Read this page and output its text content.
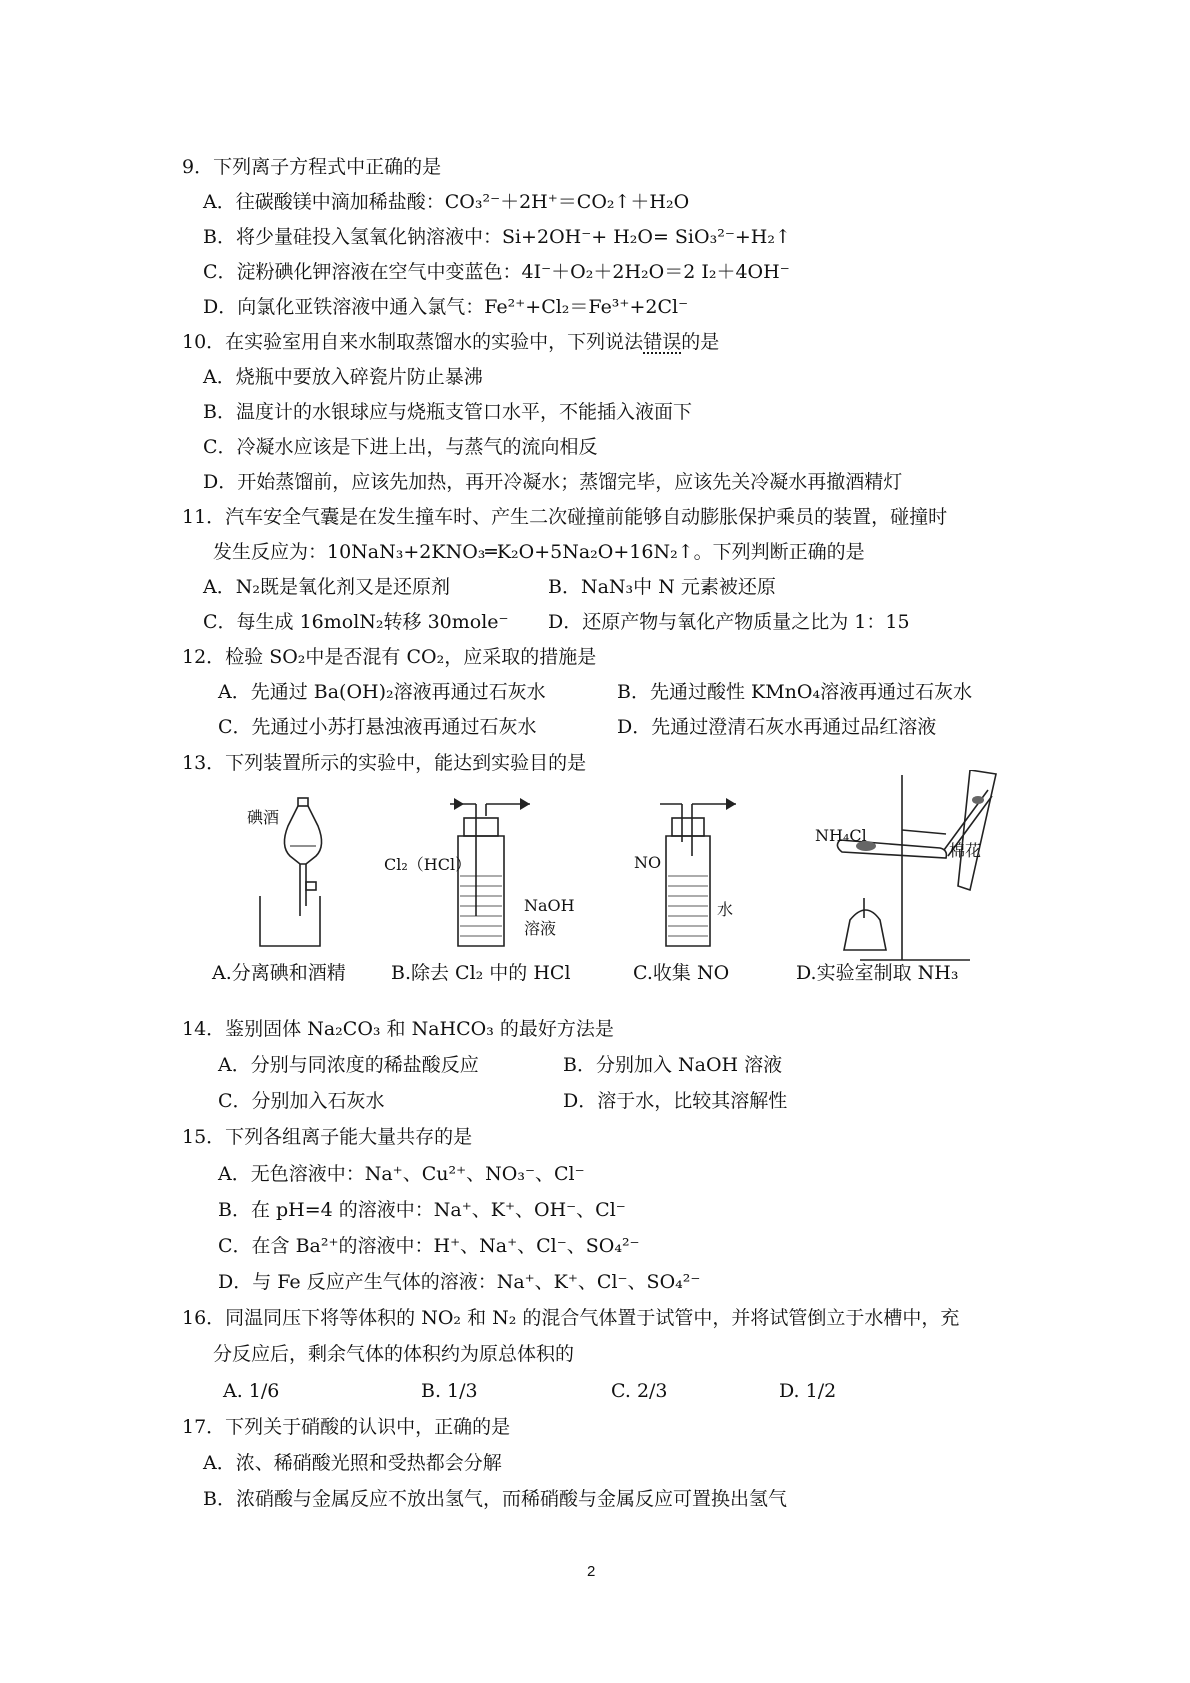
9．下列离子方程式中正确的是
A．往碳酸镁中滴加稀盐酸：CO₃²⁻＋2H⁺＝CO₂↑＋H₂O
B．将少量硅投入氢氧化钠溶液中：Si+2OH⁻+ H₂O= SiO₃²⁻+H₂↑
C．淀粉碘化钾溶液在空气中变蓝色：4I⁻＋O₂＋2H₂O＝2 I₂＋4OH⁻
D．向氯化亚铁溶液中通入氯气：Fe²⁺+Cl₂＝Fe³⁺+2Cl⁻
10．在实验室用自来水制取蒸馏水的实验中，下列说法错误的是
A．烧瓶中要放入碎瓷片防止暴沸
B．温度计的水银球应与烧瓶支管口水平，不能插入液面下
C．冷凝水应该是下进上出，与蒸气的流向相反
D．开始蒸馏前，应该先加热，再开冷凝水；蒸馏完毕，应该先关冷凝水再撤酒精灯
11．汽车安全气囊是在发生撞车时、产生二次碰撞前能够自动膨胀保护乘员的装置，碰撞时
发生反应为：10NaN₃+2KNO₃═K₂O+5Na₂O+16N₂↑。下列判断正确的是
A．N₂既是氧化剂又是还原剂	B．NaN₃中 N 元素被还原
C．每生成 16molN₂转移 30mole⁻ D．还原产物与氧化产物质量之比为 1：15
12．检验 SO₂中是否混有 CO₂，应采取的措施是
A．先通过 Ba(OH)₂溶液再通过石灰水	B．先通过酸性 KMnO₄溶液再通过石灰水
C．先通过小苏打悬浊液再通过石灰水	D．先通过澄清石灰水再通过品红溶液
13．下列装置所示的实验中，能达到实验目的是
碘酒
Cl₂（HCl）
NaOH
溶液
NO
水
NH₄Cl
棉花
A.分离碘和酒精 B.除去 Cl₂ 中的 HCl	C.收集 NO	D.实验室制取 NH₃
14．鉴别固体 Na₂CO₃ 和 NaHCO₃ 的最好方法是
A．分别与同浓度的稀盐酸反应	B．分别加入 NaOH 溶液
C．分别加入石灰水	D．溶于水，比较其溶解性
15．下列各组离子能大量共存的是
A．无色溶液中：Na⁺、Cu²⁺、NO₃⁻、Cl⁻
B．在 pH=4 的溶液中：Na⁺、K⁺、OH⁻、Cl⁻
C．在含 Ba²⁺的溶液中：H⁺、Na⁺、Cl⁻、SO₄²⁻
D．与 Fe 反应产生气体的溶液：Na⁺、K⁺、Cl⁻、SO₄²⁻
16．同温同压下将等体积的 NO₂ 和 N₂ 的混合气体置于试管中，并将试管倒立于水槽中，充
分反应后，剩余气体的体积约为原总体积的
A. 1/6	B. 1/3	C. 2/3	D. 1/2
17．下列关于硝酸的认识中，正确的是
A．浓、稀硝酸光照和受热都会分解
B．浓硝酸与金属反应不放出氢气，而稀硝酸与金属反应可置换出氢气
2
